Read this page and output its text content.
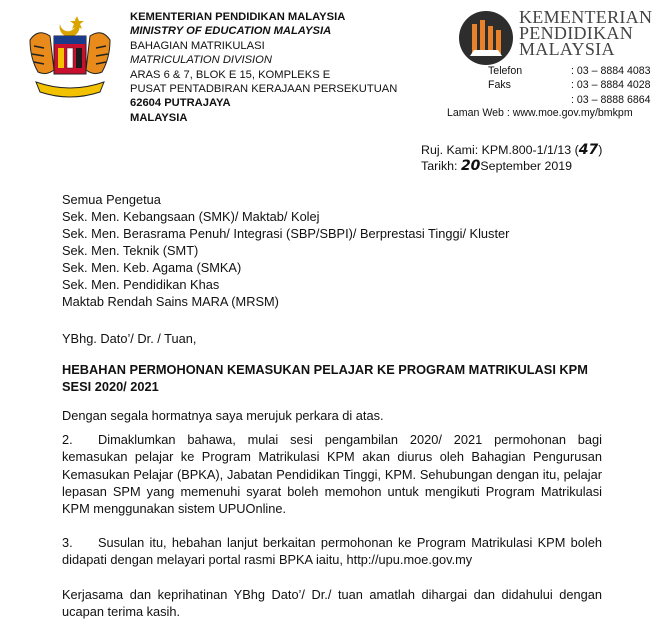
KEMENTERIAN PENDIDIKAN MALAYSIA
MINISTRY OF EDUCATION MALAYSIA
BAHAGIAN MATRIKULASI
MATRICULATION DIVISION
ARAS 6 & 7, BLOK E 15, KOMPLEKS E
PUSAT PENTADBIRAN KERAJAAN PERSEKUTUAN
62604 PUTRAJAYA
MALAYSIA
KEMENTERIAN
PENDIDIKAN
MALAYSIA
Telefon
Faks
: 03 – 8884 4083
: 03 – 8884 4028
: 03 – 8888 6864
Laman Web : www.moe.gov.my/bmkpm
Ruj. Kami: KPM.800-1/1/13 (47)
Tarikh: 20September 2019
Semua Pengetua
Sek. Men. Kebangsaan (SMK)/ Maktab/ Kolej
Sek. Men. Berasrama Penuh/ Integrasi (SBP/SBPI)/ Berprestasi Tinggi/ Kluster
Sek. Men. Teknik (SMT)
Sek. Men. Keb. Agama (SMKA)
Sek. Men. Pendidikan Khas
Maktab Rendah Sains MARA (MRSM)
YBhg. Dato’/ Dr. / Tuan,
HEBAHAN PERMOHONAN KEMASUKAN PELAJAR KE PROGRAM MATRIKULASI KPM SESI 2020/ 2021
Dengan segala hormatnya saya merujuk perkara di atas.
2. Dimaklumkan bahawa, mulai sesi pengambilan 2020/ 2021 permohonan bagi kemasukan pelajar ke Program Matrikulasi KPM akan diurus oleh Bahagian Pengurusan Kemasukan Pelajar (BPKA), Jabatan Pendidikan Tinggi, KPM. Sehubungan dengan itu, pelajar lepasan SPM yang memenuhi syarat boleh memohon untuk mengikuti Program Matrikulasi KPM menggunakan sistem UPUOnline.
3. Susulan itu, hebahan lanjut berkaitan permohonan ke Program Matrikulasi KPM boleh didapati dengan melayari portal rasmi BPKA iaitu, http://upu.moe.gov.my
Kerjasama dan keprihatinan YBhg Dato’/ Dr./ tuan amatlah dihargai dan didahului dengan ucapan terima kasih.
